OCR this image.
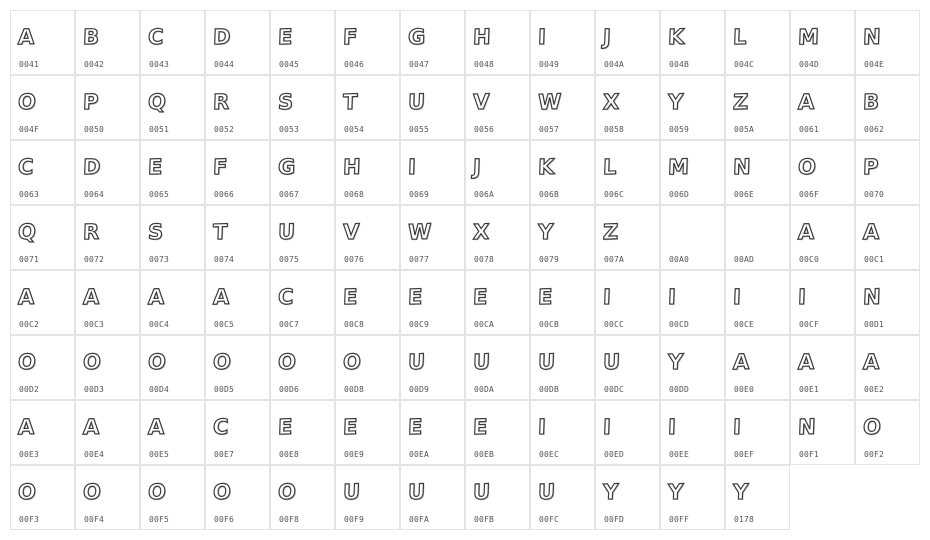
A
0041
B
0042
C
0043
D
0044
E
0045
F
0046
G
0047
H
0048
I
0049
J
004A
K
004B
L
004C
M
004D
N
004E
O
004F
P
0050
Q
0051
R
0052
S
0053
T
0054
U
0055
V
0056
W
0057
X
0058
Y
0059
Z
005A
A
0061
B
0062
C
0063
D
0064
E
0065
F
0066
G
0067
H
0068
I
0069
J
006A
K
006B
L
006C
M
006D
N
006E
O
006F
P
0070
Q
0071
R
0072
S
0073
T
0074
U
0075
V
0076
W
0077
X
0078
Y
0079
Z
007A	00A0	00AD
A
00C0
A
00C1
A
00C2
A
00C3
A
00C4
A
00C5
C
00C7
E
00C8
E
00C9
E
00CA
E
00CB
I
00CC
I
00CD
I
00CE
I
00CF
N
00D1
O
00D2
O
00D3
O
00D4
O
00D5
O
00D6
O
00D8
U
00D9
U
00DA
U
00DB
U
00DC
Y
00DD
A
00E0
A
00E1
A
00E2
A
00E3
A
00E4
A
00E5
C
00E7
E
00E8
E
00E9
E
00EA
E
00EB
I
00EC
I
00ED
I
00EE
I
00EF
N
00F1
O
00F2
O
00F3
O
00F4
O
00F5
O
00F6
O
00F8
U
00F9
U
00FA
U
00FB
U
00FC
Y
00FD
Y
00FF
Y
0178
